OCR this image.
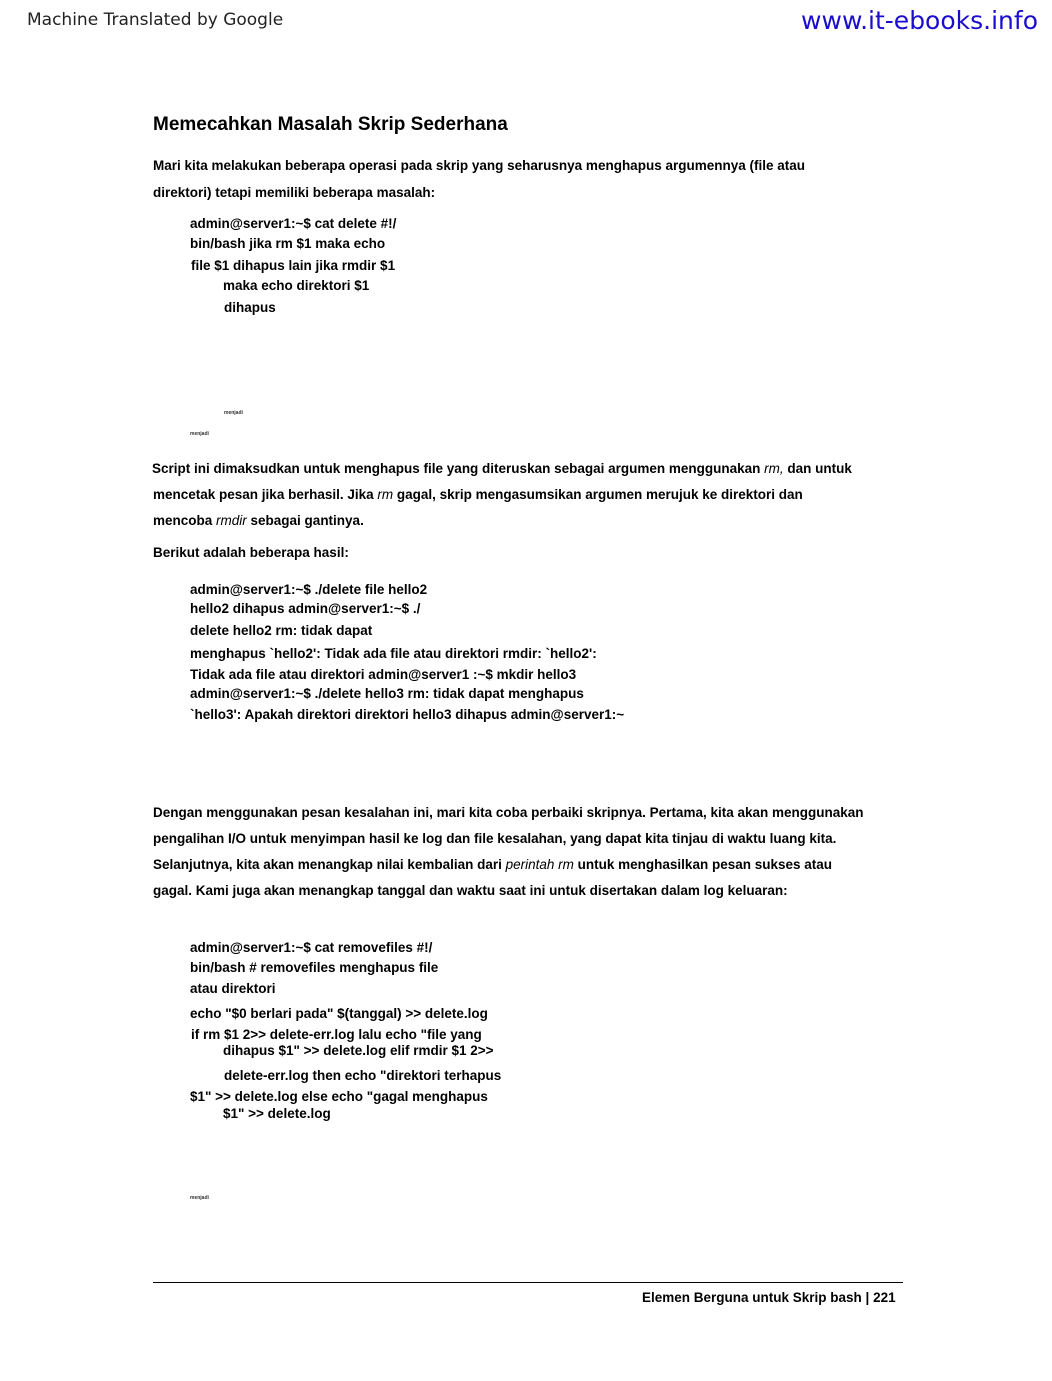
Machine Translated by Google	www.it-ebooks.info
Memecahkan Masalah Skrip Sederhana
Mari kita melakukan beberapa operasi pada skrip yang seharusnya menghapus argumennya (file atau
direktori) tetapi memiliki beberapa masalah:
admin@server1:~$ cat delete #!/
bin/bash jika rm $1 maka echo
file $1 dihapus lain jika rmdir $1
maka echo direktori $1
dihapus
menjadi
menjadi
Script ini dimaksudkan untuk menghapus file yang diteruskan sebagai argumen menggunakan rm, dan untuk
mencetak pesan jika berhasil. Jika rm gagal, skrip mengasumsikan argumen merujuk ke direktori dan
mencoba rmdir sebagai gantinya.
Berikut adalah beberapa hasil:
admin@server1:~$ ./delete file hello2
hello2 dihapus admin@server1:~$ ./
delete hello2 rm: tidak dapat
menghapus `hello2': Tidak ada file atau direktori rmdir: `hello2':
Tidak ada file atau direktori admin@server1 :~$ mkdir hello3
admin@server1:~$ ./delete hello3 rm: tidak dapat menghapus
`hello3': Apakah direktori direktori hello3 dihapus admin@server1:~
Dengan menggunakan pesan kesalahan ini, mari kita coba perbaiki skripnya. Pertama, kita akan menggunakan
pengalihan I/O untuk menyimpan hasil ke log dan file kesalahan, yang dapat kita tinjau di waktu luang kita.
Selanjutnya, kita akan menangkap nilai kembalian dari perintah rm untuk menghasilkan pesan sukses atau
gagal. Kami juga akan menangkap tanggal dan waktu saat ini untuk disertakan dalam log keluaran:
admin@server1:~$ cat removefiles #!/
bin/bash # removefiles menghapus file
atau direktori
echo "$0 berlari pada" $(tanggal) >> delete.log
if rm $1 2>> delete-err.log lalu echo "file yang
dihapus $1" >> delete.log elif rmdir $1 2>>
delete-err.log then echo "direktori terhapus
$1" >> delete.log else echo "gagal menghapus
$1" >> delete.log
menjadi
Elemen Berguna untuk Skrip bash | 221
